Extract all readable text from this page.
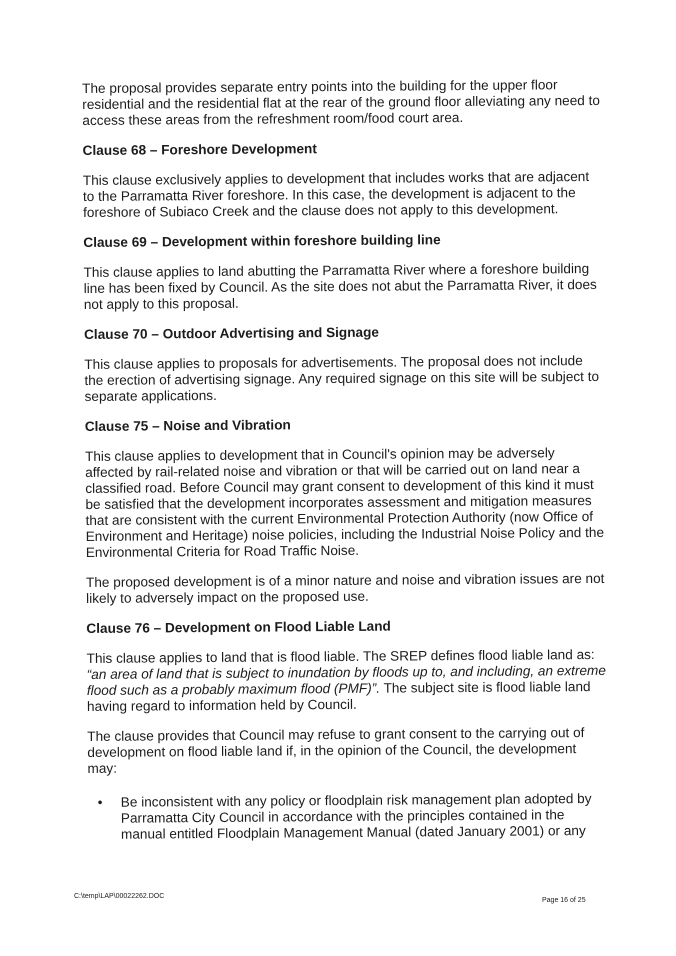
The proposal provides separate entry points into the building for the upper floor residential and the residential flat at the rear of the ground floor alleviating any need to access these areas from the refreshment room/food court area.

Clause 68 – Foreshore Development

This clause exclusively applies to development that includes works that are adjacent to the Parramatta River foreshore. In this case, the development is adjacent to the foreshore of Subiaco Creek and the clause does not apply to this development.

Clause 69 – Development within foreshore building line

This clause applies to land abutting the Parramatta River where a foreshore building line has been fixed by Council. As the site does not abut the Parramatta River, it does not apply to this proposal.

Clause 70 – Outdoor Advertising and Signage

This clause applies to proposals for advertisements. The proposal does not include the erection of advertising signage. Any required signage on this site will be subject to separate applications.

Clause 75 – Noise and Vibration

This clause applies to development that in Council's opinion may be adversely affected by rail-related noise and vibration or that will be carried out on land near a classified road. Before Council may grant consent to development of this kind it must be satisfied that the development incorporates assessment and mitigation measures that are consistent with the current Environmental Protection Authority (now Office of Environment and Heritage) noise policies, including the Industrial Noise Policy and the Environmental Criteria for Road Traffic Noise.

The proposed development is of a minor nature and noise and vibration issues are not likely to adversely impact on the proposed use.

Clause 76 – Development on Flood Liable Land

This clause applies to land that is flood liable. The SREP defines flood liable land as: “an area of land that is subject to inundation by floods up to, and including, an extreme flood such as a probably maximum flood (PMF)”. The subject site is flood liable land having regard to information held by Council.

The clause provides that Council may refuse to grant consent to the carrying out of development on flood liable land if, in the opinion of the Council, the development may:

• Be inconsistent with any policy or floodplain risk management plan adopted by Parramatta City Council in accordance with the principles contained in the manual entitled Floodplain Management Manual (dated January 2001) or any
C:\temp\LAP\00022262.DOC
Page 16 of 25
